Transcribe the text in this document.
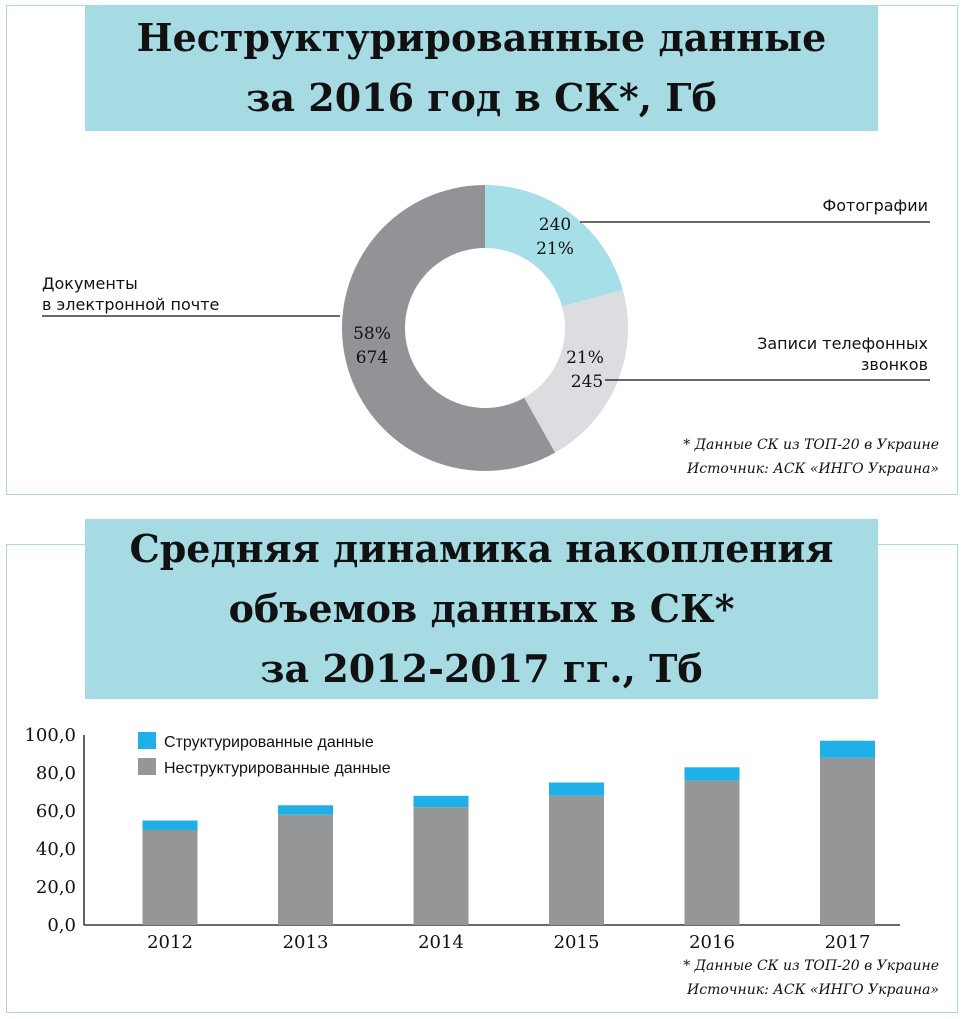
Неструктурированные данные
за 2016 год в СК*, Гб
Средняя динамика накопления
объемов данных в СК*
за 2012-2017 гг., Тб
240
21%
Фотографии
245
21%
Записи телефонных
звонков
674
58%
Документы
в электронной почте
0,0
20,0
40,0
60,0
80,0
100,0
2012	2013	2014	2015	2016	2017
Структурированные данные
Неструктурированные данные
* Данные СК из ТОП-20 в Украине
Источник: АСК «ИНГО Украина»
* Данные СК из ТОП-20 в Украине
Источник: АСК «ИНГО Украина»
